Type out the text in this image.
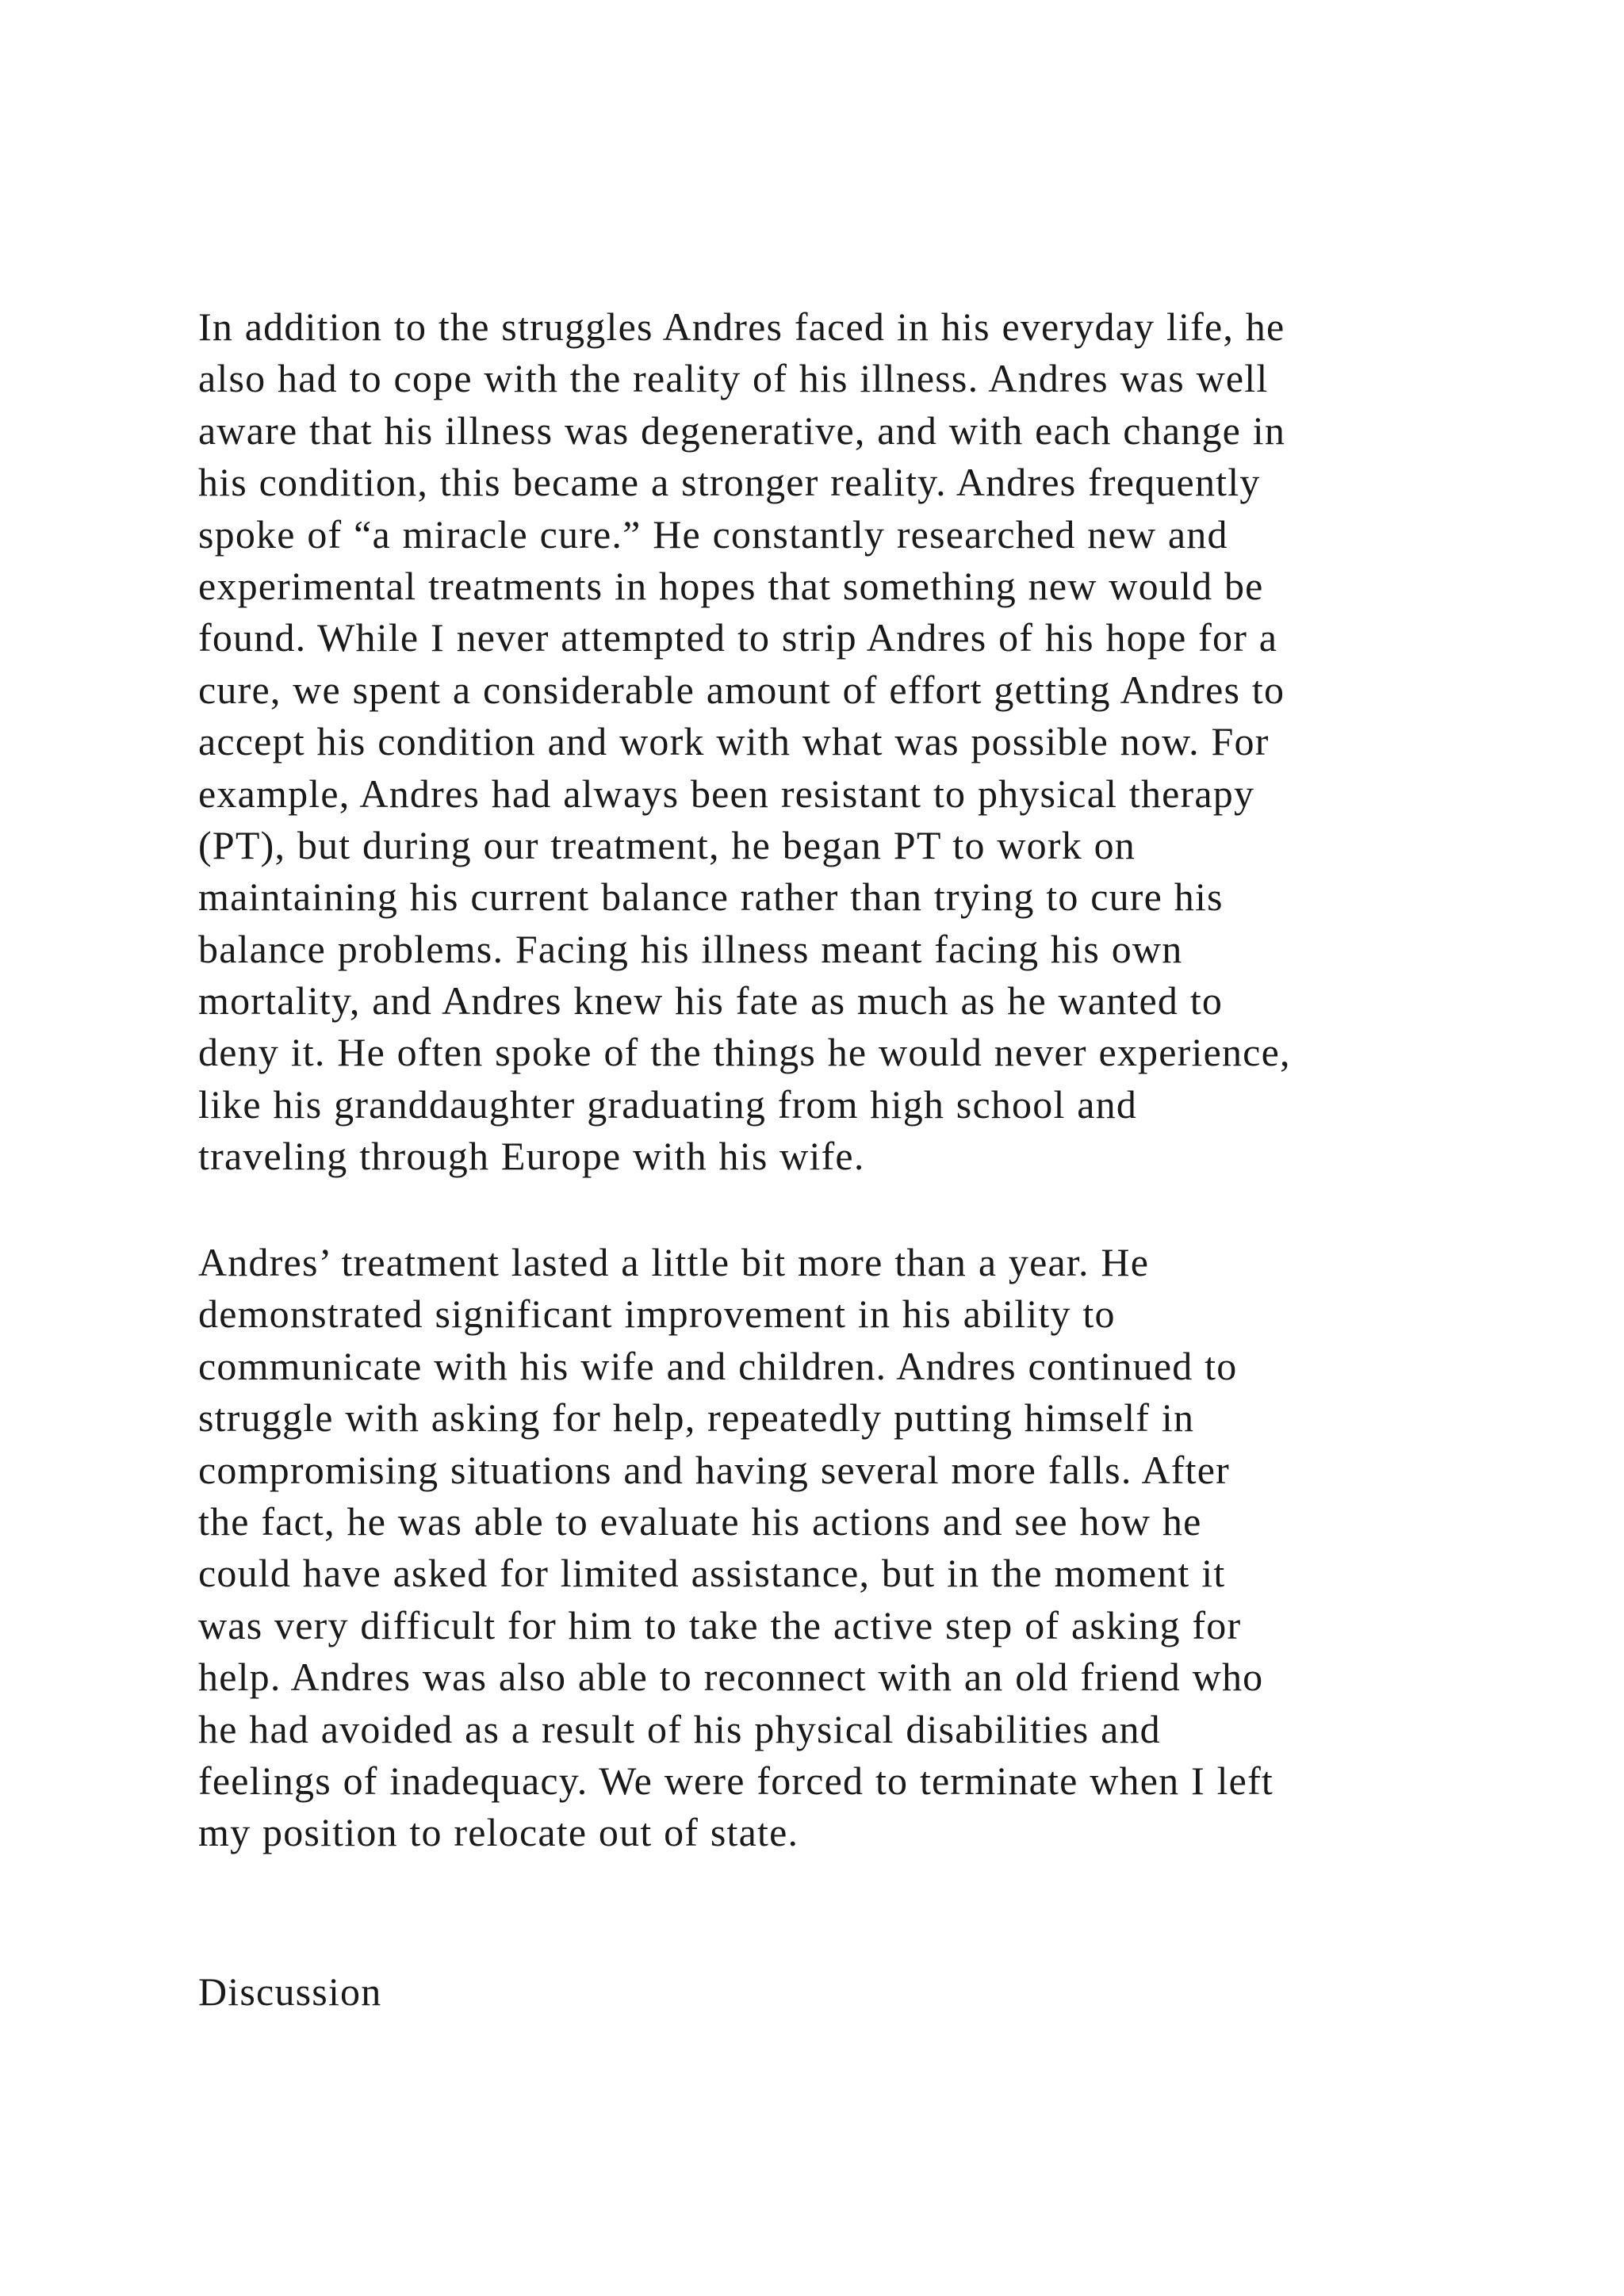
In addition to the struggles Andres faced in his everyday life, he
also had to cope with the reality of his illness. Andres was well
aware that his illness was degenerative, and with each change in
his condition, this became a stronger reality. Andres frequently
spoke of “a miracle cure.” He constantly researched new and
experimental treatments in hopes that something new would be
found. While I never attempted to strip Andres of his hope for a
cure, we spent a considerable amount of effort getting Andres to
accept his condition and work with what was possible now. For
example, Andres had always been resistant to physical therapy
(PT), but during our treatment, he began PT to work on
maintaining his current balance rather than trying to cure his
balance problems. Facing his illness meant facing his own
mortality, and Andres knew his fate as much as he wanted to
deny it. He often spoke of the things he would never experience,
like his granddaughter graduating from high school and
traveling through Europe with his wife.
Andres’ treatment lasted a little bit more than a year. He
demonstrated significant improvement in his ability to
communicate with his wife and children. Andres continued to
struggle with asking for help, repeatedly putting himself in
compromising situations and having several more falls. After
the fact, he was able to evaluate his actions and see how he
could have asked for limited assistance, but in the moment it
was very difficult for him to take the active step of asking for
help. Andres was also able to reconnect with an old friend who
he had avoided as a result of his physical disabilities and
feelings of inadequacy. We were forced to terminate when I left
my position to relocate out of state.
Discussion
